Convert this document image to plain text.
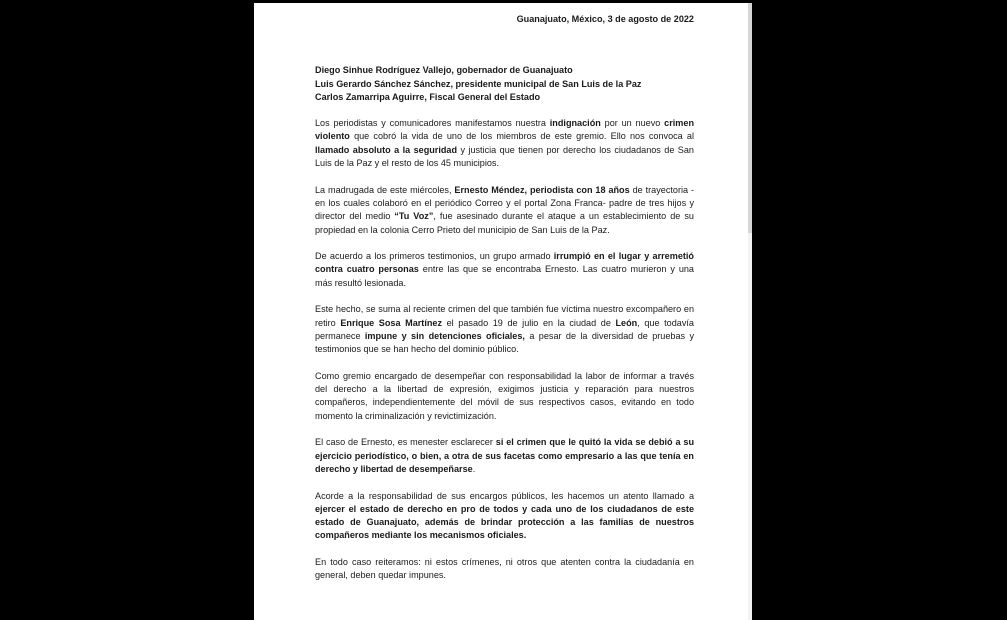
Guanajuato, México, 3 de agosto de 2022
Diego Sinhue Rodríguez Vallejo, gobernador de Guanajuato
Luis Gerardo Sánchez Sánchez, presidente municipal de San Luis de la Paz
Carlos Zamarripa Aguirre, Fiscal General del Estado

Los periodistas y comunicadores manifestamos nuestra indignación por un nuevo crimen violento que cobró la vida de uno de los miembros de este gremio. Ello nos convoca al llamado absoluto a la seguridad y justicia que tienen por derecho los ciudadanos de San Luis de la Paz y el resto de los 45 municipios.

La madrugada de este miércoles, Ernesto Méndez, periodista con 18 años de trayectoria -en los cuales colaboró en el periódico Correo y el portal Zona Franca- padre de tres hijos y director del medio “Tu Voz”, fue asesinado durante el ataque a un establecimiento de su propiedad en la colonia Cerro Prieto del municipio de San Luis de la Paz.

De acuerdo a los primeros testimonios, un grupo armado irrumpió en el lugar y arremetió contra cuatro personas entre las que se encontraba Ernesto. Las cuatro murieron y una más resultó lesionada.

Este hecho, se suma al reciente crimen del que también fue víctima nuestro excompañero en retiro Enrique Sosa Martínez el pasado 19 de julio en la ciudad de León, que todavía permanece impune y sin detenciones oficiales, a pesar de la diversidad de pruebas y testimonios que se han hecho del dominio público.

Como gremio encargado de desempeñar con responsabilidad la labor de informar a través del derecho a la libertad de expresión, exigimos justicia y reparación para nuestros compañeros, independientemente del móvil de sus respectivos casos, evitando en todo momento la criminalización y revictimización.

El caso de Ernesto, es menester esclarecer si el crimen que le quitó la vida se debió a su ejercicio periodístico, o bien, a otra de sus facetas como empresario a las que tenía en derecho y libertad de desempeñarse.

Acorde a la responsabilidad de sus encargos públicos, les hacemos un atento llamado a ejercer el estado de derecho en pro de todos y cada uno de los ciudadanos de este estado de Guanajuato, además de brindar protección a las familias de nuestros compañeros mediante los mecanismos oficiales.

En todo caso reiteramos: ni estos crímenes, ni otros que atenten contra la ciudadanía en general, deben quedar impunes.
